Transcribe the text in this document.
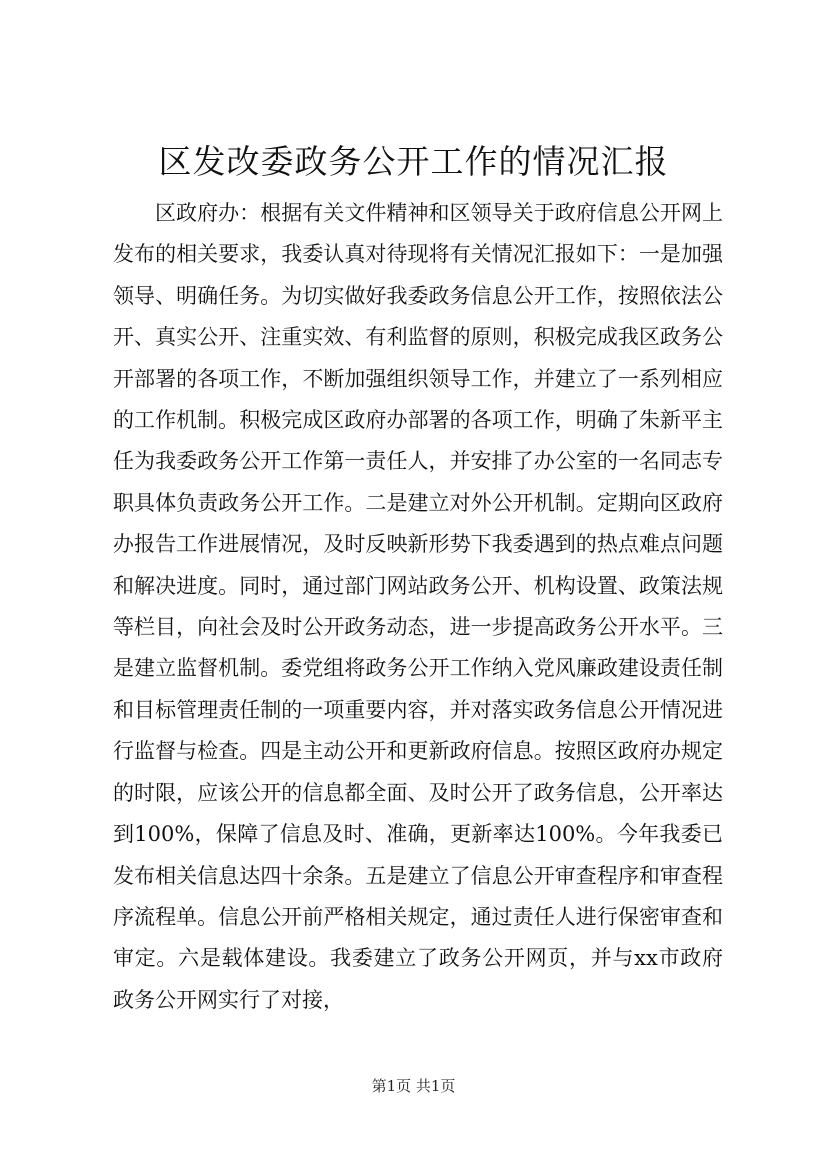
区发改委政务公开工作的情况汇报

区政府办：根据有关文件精神和区领导关于政府信息公开网上发布的相关要求，我委认真对待现将有关情况汇报如下：一是加强领导、明确任务。为切实做好我委政务信息公开工作，按照依法公开、真实公开、注重实效、有利监督的原则，积极完成我区政务公开部署的各项工作，不断加强组织领导工作，并建立了一系列相应的工作机制。积极完成区政府办部署的各项工作，明确了朱新平主任为我委政务公开工作第一责任人，并安排了办公室的一名同志专职具体负责政务公开工作。二是建立对外公开机制。定期向区政府办报告工作进展情况，及时反映新形势下我委遇到的热点难点问题和解决进度。同时，通过部门网站政务公开、机构设置、政策法规等栏目，向社会及时公开政务动态，进一步提高政务公开水平。三是建立监督机制。委党组将政务公开工作纳入党风廉政建设责任制和目标管理责任制的一项重要内容，并对落实政务信息公开情况进行监督与检查。四是主动公开和更新政府信息。按照区政府办规定的时限，应该公开的信息都全面、及时公开了政务信息，公开率达到100%，保障了信息及时、准确，更新率达100%。今年我委已发布相关信息达四十余条。五是建立了信息公开审查程序和审查程序流程单。信息公开前严格相关规定，通过责任人进行保密审查和审定。六是载体建设。我委建立了政务公开网页，并与xx市政府政务公开网实行了对接，

第1页 共1页
